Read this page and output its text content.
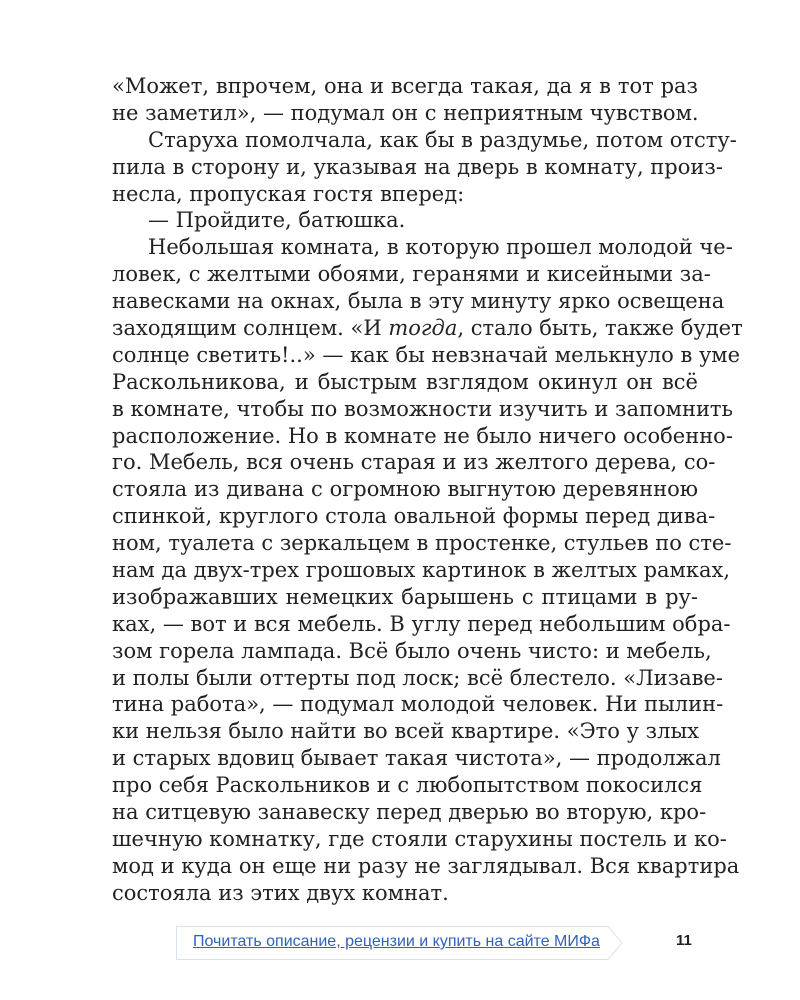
«Может, впрочем, она и всегда такая, да я в тот раз
не заметил», — подумал он с неприятным чувством.
Старуха помолчала, как бы в раздумье, потом отсту-
пила в сторону и, указывая на дверь в комнату, произ-
несла, пропуская гостя вперед:
— Пройдите, батюшка.
Небольшая комната, в которую прошел молодой че-
ловек, с желтыми обоями, геранями и кисейными за-
навесками на окнах, была в эту минуту ярко освещена
заходящим солнцем. «И тогда, стало быть, также будет
солнце светить!..» — как бы невзначай мелькнуло в уме
Раскольникова, и быстрым взглядом окинул он всё
в комнате, чтобы по возможности изучить и запомнить
расположение. Но в комнате не было ничего особенно-
го. Мебель, вся очень старая и из желтого дерева, со-
стояла из дивана с огромною выгнутою деревянною
спинкой, круглого стола овальной формы перед дива-
ном, туалета с зеркальцем в простенке, стульев по сте-
нам да двух-трех грошовых картинок в желтых рамках,
изображавших немецких барышень с птицами в ру-
ках, — вот и вся мебель. В углу перед небольшим обра-
зом горела лампада. Всё было очень чисто: и мебель,
и полы были оттерты под лоск; всё блестело. «Лизаве-
тина работа», — подумал молодой человек. Ни пылин-
ки нельзя было найти во всей квартире. «Это у злых
и старых вдовиц бывает такая чистота», — продолжал
про себя Раскольников и с любопытством покосился
на ситцевую занавеску перед дверью во вторую, кро-
шечную комнатку, где стояли старухины постель и ко-
мод и куда он еще ни разу не заглядывал. Вся квартира
состояла из этих двух комнат.
Почитать описание, рецензии и купить на сайте МИФа	11
